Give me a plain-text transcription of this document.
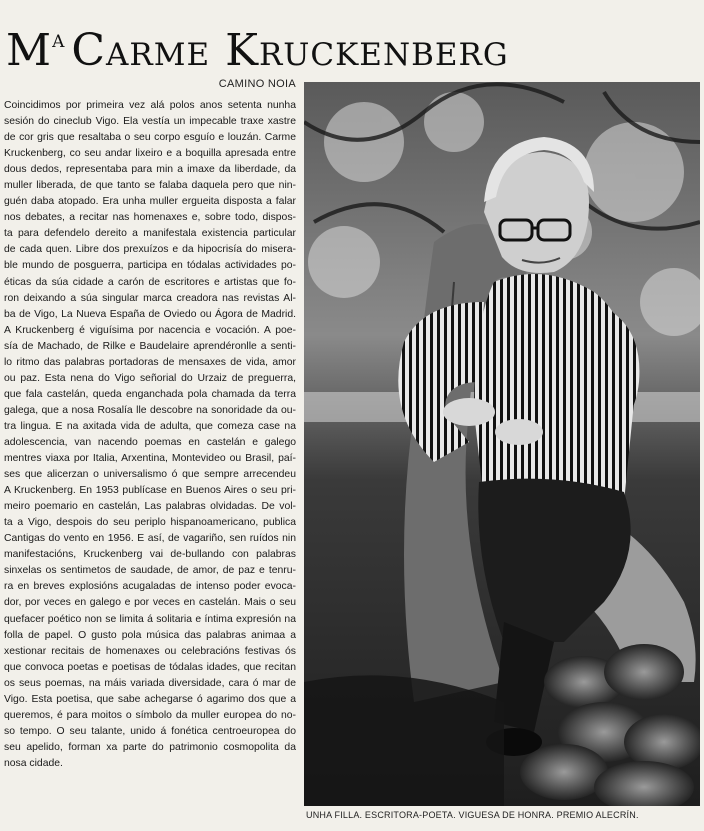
$M^a$ Carme Kruckenberg
CAMINO NOIA
Coincidimos por primeira vez alá polos anos setenta nunha
sesión do cineclub Vigo. Ela vestía un impecable traxe xastre
de cor gris que resaltaba o seu corpo esguío e louzán. Carme
Kruckenberg, co seu andar lixeiro e a boquilla apresada entre
dous dedos, representaba para min a imaxe da liberdade, da
muller liberada, de que tanto se falaba daquela pero que nin-
guén daba atopado. Era unha muller ergueita disposta a falar
nos debates, a recitar nas homenaxes e, sobre todo, dispos-
ta para defendelo dereito a manifestala existencia particular
de cada quen. Libre dos prexuízos e da hipocrisía do misera-
ble mundo de posguerra, participa en tódalas actividades po-
éticas da súa cidade a carón de escritores e artistas que fo-
ron deixando a súa singular marca creadora nas revistas Al-
ba de Vigo, La Nueva España de Oviedo ou Ágora de Madrid.
A Kruckenberg é viguísima por nacencia e vocación. A poe-
sía de Machado, de Rilke e Baudelaire aprendéronlle a senti-
lo ritmo das palabras portadoras de mensaxes de vida, amor
ou paz. Esta nena do Vigo señorial do Urzaiz de preguerra,
que fala castelán, queda enganchada pola chamada da terra
galega, que a nosa Rosalía lle descobre na sonoridade da ou-
tra lingua. E na axitada vida de adulta, que comeza case na
adolescencia, van nacendo poemas en castelán e galego
mentres viaxa por Italia, Arxentina, Montevideo ou Brasil, paí-
ses que alicerzan o universalismo ó que sempre arrecendeu
A Kruckenberg. En 1953 publícase en Buenos Aires o seu pri-
meiro poemario en castelán, Las palabras olvidadas. De vol-
ta a Vigo, despois do seu periplo hispanoamericano, publica
Cantigas do vento en 1956. E así, de vagariño, sen ruídos nin
manifestacións, Kruckenberg vai de-bullando con palabras
sinxelas os sentimetos de saudade, de amor, de paz e tenru-
ra en breves explosións acugaladas de intenso poder evoca-
dor, por veces en galego e por veces en castelán. Mais o seu
quefacer poético non se limita á solitaria e íntima expresión na
folla de papel. O gusto pola música das palabras animaa a
xestionar recitais de homenaxes ou celebracións festivas ós
que convoca poetas e poetisas de tódalas idades, que recitan
os seus poemas, na máis variada diversidade, cara ó mar de
Vigo. Esta poetisa, que sabe achegarse ó agarimo dos que a
queremos, é para moitos o símbolo da muller europea do no-
so tempo. O seu talante, unido á fonética centroeuropea do
seu apelido, forman xa parte do patrimonio cosmopolita da
nosa cidade.
UNHA FILLA. ESCRITORA-POETA. VIGUESA DE HONRA. PREMIO ALECRÍN.
